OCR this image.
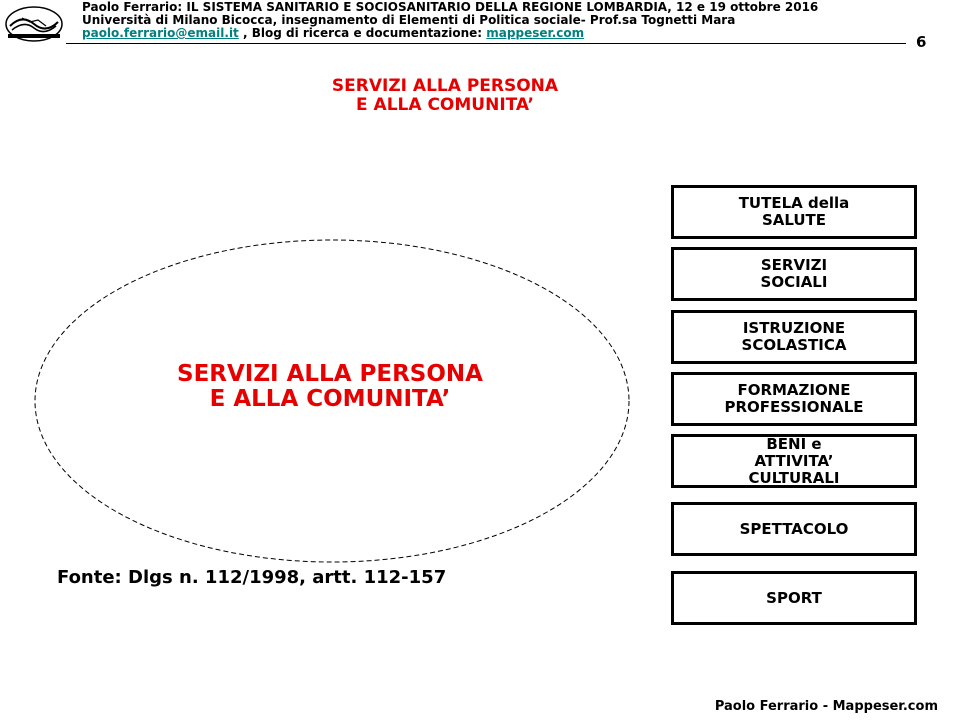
Paolo Ferrario: IL SISTEMA SANITARIO E SOCIOSANITARIO DELLA REGIONE LOMBARDIA, 12 e 19 ottobre 2016
Università di Milano Bicocca, insegnamento di Elementi di Politica sociale- Prof.sa Tognetti Mara
paolo.ferrario@email.it , Blog di ricerca e documentazione: mappeser.com	6
SERVIZI ALLA PERSONA
E ALLA COMUNITA’
SERVIZI ALLA PERSONA
E ALLA COMUNITA’
Fonte: Dlgs n. 112/1998, artt. 112-157
TUTELA della
SALUTE
SERVIZI
SOCIALI
ISTRUZIONE
SCOLASTICA
FORMAZIONE
PROFESSIONALE
BENI e
ATTIVITA’
CULTURALI
SPETTACOLO
SPORT
Paolo Ferrario - Mappeser.com
